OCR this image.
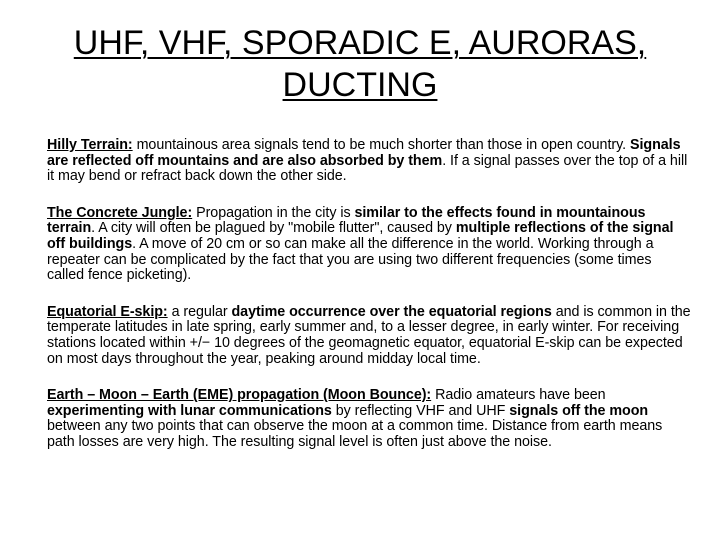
UHF, VHF, SPORADIC E, AURORAS, DUCTING

Hilly Terrain: mountainous area signals tend to be much shorter than those in open country. Signals are reflected off mountains and are also absorbed by them. If a signal passes over the top of a hill it may bend or refract back down the other side.

The Concrete Jungle: Propagation in the city is similar to the effects found in mountainous terrain. A city will often be plagued by "mobile flutter", caused by multiple reflections of the signal off buildings. A move of 20 cm or so can make all the difference in the world. Working through a repeater can be complicated by the fact that you are using two different frequencies (some times called fence picketing).

Equatorial E-skip: a regular daytime occurrence over the equatorial regions and is common in the temperate latitudes in late spring, early summer and, to a lesser degree, in early winter. For receiving stations located within +/− 10 degrees of the geomagnetic equator, equatorial E-skip can be expected on most days throughout the year, peaking around midday local time.

Earth – Moon – Earth (EME) propagation (Moon Bounce): Radio amateurs have been experimenting with lunar communications by reflecting VHF and UHF signals off the moon between any two points that can observe the moon at a common time. Distance from earth means path losses are very high. The resulting signal level is often just above the noise.
